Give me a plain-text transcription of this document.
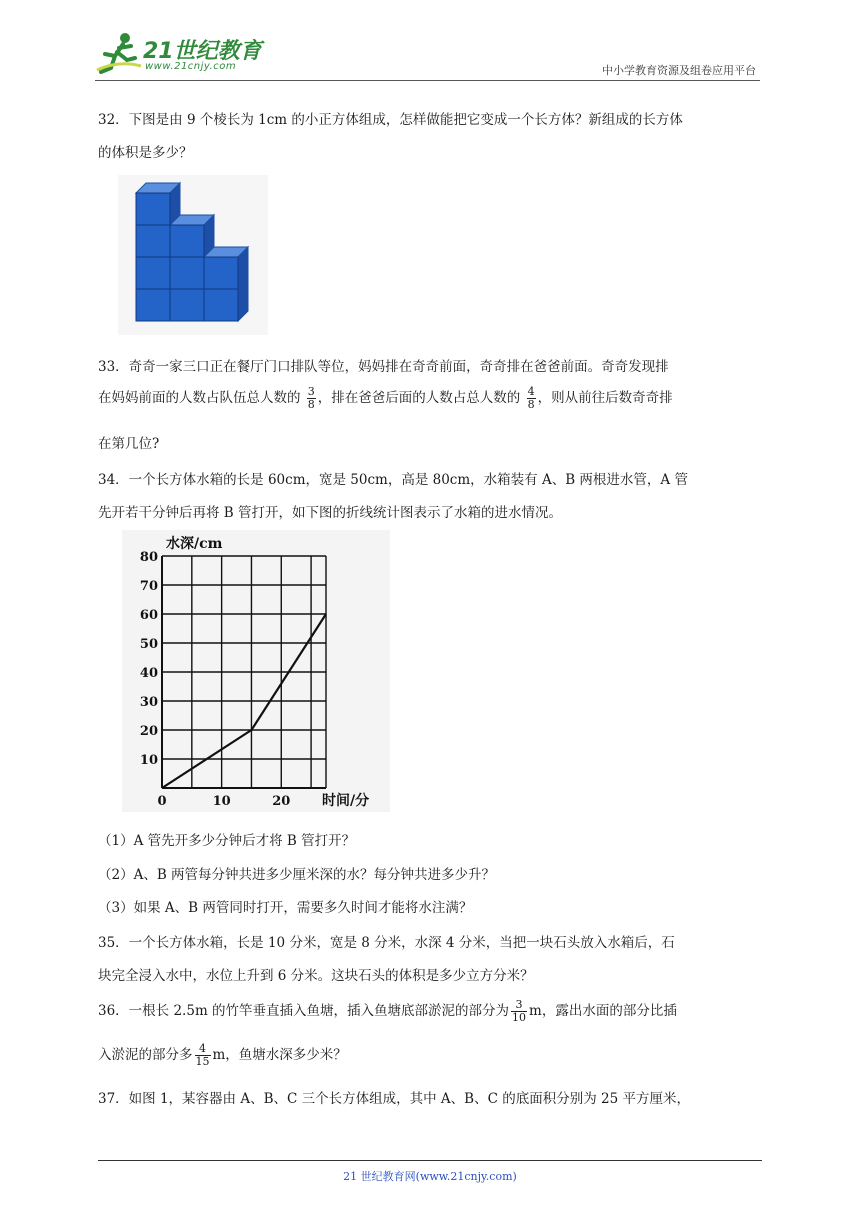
21世纪教育
www.21cnjy.com	中小学教育资源及组卷应用平台
32．下图是由 9 个棱长为 1cm 的小正方体组成，怎样做能把它变成一个长方体？新组成的长方体
的体积是多少？
33．奇奇一家三口正在餐厅门口排队等位，妈妈排在奇奇前面，奇奇排在爸爸前面。奇奇发现排
在妈妈前面的人数占队伍总人数的 $\frac{3}{8}$ ，排在爸爸后面的人数占总人数的 $\frac{4}{8}$ ，则从前往后数奇奇排
在第几位?
34．一个长方体水箱的长是 60cm，宽是 50cm，高是 80cm，水箱装有 A、B 两根进水管，A 管
先开若干分钟后再将 B 管打开，如下图的折线统计图表示了水箱的进水情况。
10
20
30
40
50
60
70
80
0	10	20
水深/cm
时间/分
（1）A 管先开多少分钟后才将 B 管打开？
（2）A、B 两管每分钟共进多少厘米深的水？每分钟共进多少升？
（3）如果 A、B 两管同时打开，需要多久时间才能将水注满？
35．一个长方体水箱，长是 10 分米，宽是 8 分米，水深 4 分米，当把一块石头放入水箱后，石
块完全浸入水中，水位上升到 6 分米。这块石头的体积是多少立方分米？
36．一根长 2.5m 的竹竿垂直插入鱼塘，插入鱼塘底部淤泥的部分为 $\frac{3}{10}$ m，露出水面的部分比插
入淤泥的部分多 $\frac{4}{15}$ m，鱼塘水深多少米？
37．如图 1，某容器由 A、B、C 三个长方体组成，其中 A、B、C 的底面积分别为 25 平方厘米，
21 世纪教育网(www.21cnjy.com)
